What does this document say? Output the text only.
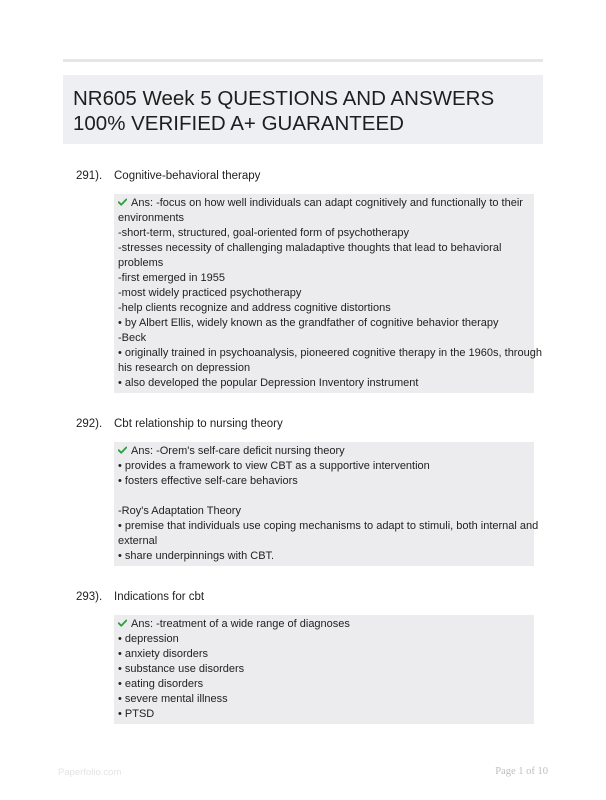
NR605 Week 5 QUESTIONS AND ANSWERS
100% VERIFIED A+ GUARANTEED
291). Cognitive-behavioral therapy
Ans: -focus on how well individuals can adapt cognitively and functionally to their
environments
-short-term, structured, goal-oriented form of psychotherapy
-stresses necessity of challenging maladaptive thoughts that lead to behavioral
problems
-first emerged in 1955
-most widely practiced psychotherapy
-help clients recognize and address cognitive distortions
• by Albert Ellis, widely known as the grandfather of cognitive behavior therapy
-Beck
• originally trained in psychoanalysis, pioneered cognitive therapy in the 1960s, through
his research on depression
• also developed the popular Depression Inventory instrument
292). Cbt relationship to nursing theory
Ans: -Orem's self-care deficit nursing theory
• provides a framework to view CBT as a supportive intervention
• fosters effective self-care behaviors
-Roy's Adaptation Theory
• premise that individuals use coping mechanisms to adapt to stimuli, both internal and
external
• share underpinnings with CBT.
293). Indications for cbt
Ans: -treatment of a wide range of diagnoses
• depression
• anxiety disorders
• substance use disorders
• eating disorders
• severe mental illness
• PTSD
Paperfolio.com	Page 1 of 10
